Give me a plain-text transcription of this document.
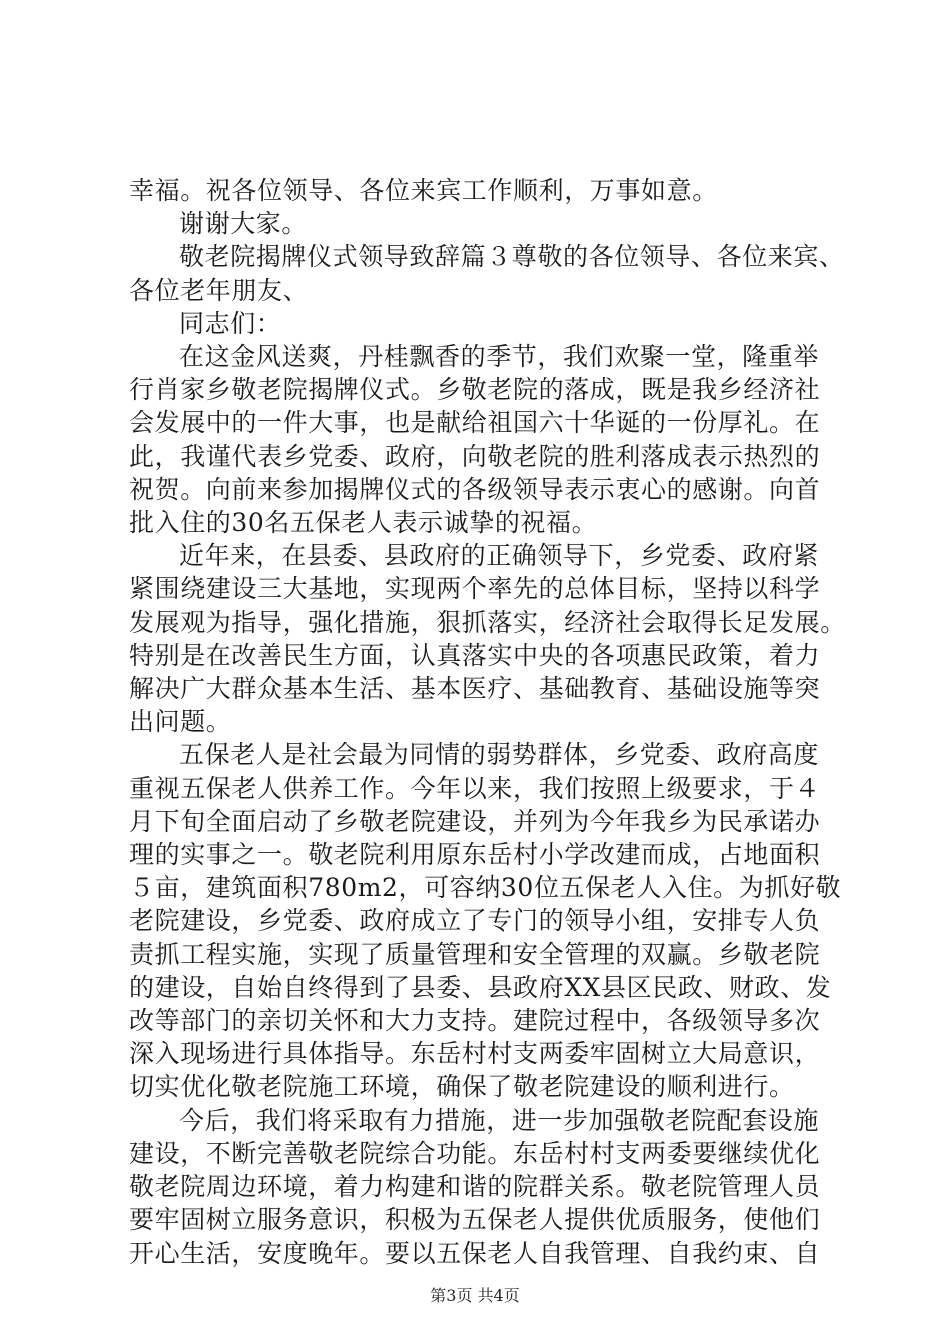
幸福。祝各位领导、各位来宾工作顺利，万事如意。

谢谢大家。

敬老院揭牌仪式领导致辞篇３尊敬的各位领导、各位来宾、

各位老年朋友、

同志们：

在这金风送爽，丹桂飘香的季节，我们欢聚一堂，隆重举

行肖家乡敬老院揭牌仪式。乡敬老院的落成，既是我乡经济社

会发展中的一件大事，也是献给祖国六十华诞的一份厚礼。在

此，我谨代表乡党委、政府，向敬老院的胜利落成表示热烈的

祝贺。向前来参加揭牌仪式的各级领导表示衷心的感谢。向首

批入住的30名五保老人表示诚挚的祝福。

近年来，在县委、县政府的正确领导下，乡党委、政府紧

紧围绕建设三大基地，实现两个率先的总体目标，坚持以科学

发展观为指导，强化措施，狠抓落实，经济社会取得长足发展。

特别是在改善民生方面，认真落实中央的各项惠民政策，着力

解决广大群众基本生活、基本医疗、基础教育、基础设施等突

出问题。

五保老人是社会最为同情的弱势群体，乡党委、政府高度

重视五保老人供养工作。今年以来，我们按照上级要求，于４

月下旬全面启动了乡敬老院建设，并列为今年我乡为民承诺办

理的实事之一。敬老院利用原东岳村小学改建而成，占地面积

５亩，建筑面积780m2，可容纳30位五保老人入住。为抓好敬

老院建设，乡党委、政府成立了专门的领导小组，安排专人负

责抓工程实施，实现了质量管理和安全管理的双赢。乡敬老院

的建设，自始自终得到了县委、县政府XX县区民政、财政、发

改等部门的亲切关怀和大力支持。建院过程中，各级领导多次

深入现场进行具体指导。东岳村村支两委牢固树立大局意识，

切实优化敬老院施工环境，确保了敬老院建设的顺利进行。

今后，我们将采取有力措施，进一步加强敬老院配套设施

建设，不断完善敬老院综合功能。东岳村村支两委要继续优化

敬老院周边环境，着力构建和谐的院群关系。敬老院管理人员

要牢固树立服务意识，积极为五保老人提供优质服务，使他们

开心生活，安度晚年。要以五保老人自我管理、自我约束、自

第3页 共4页
